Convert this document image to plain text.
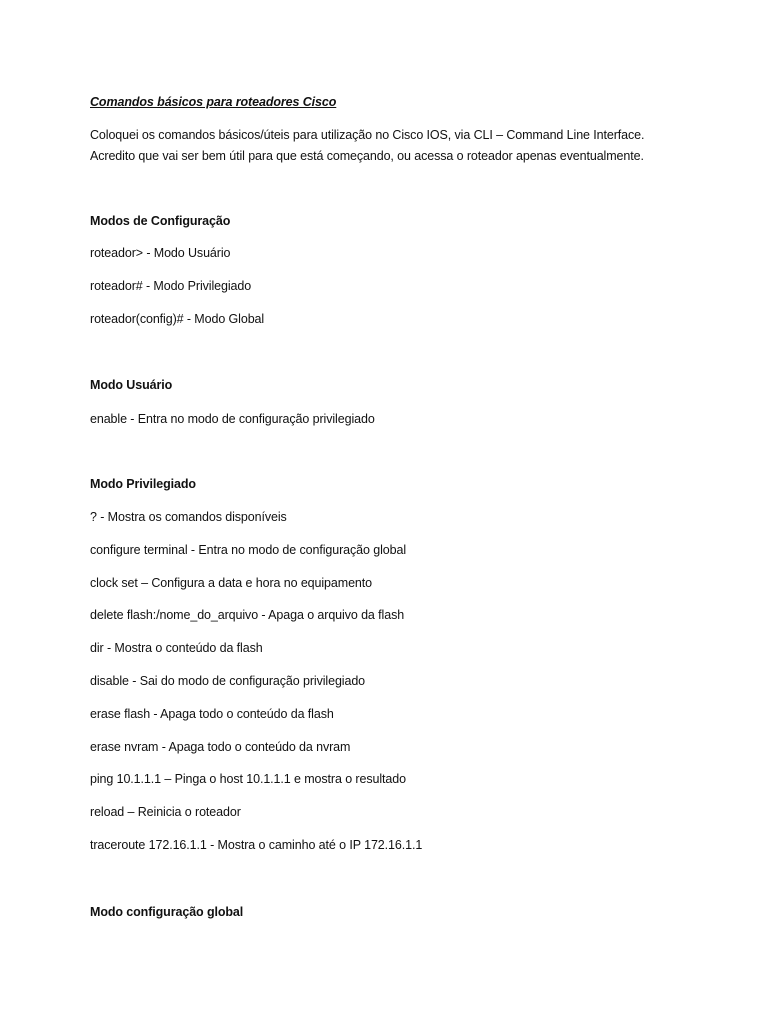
Comandos básicos para roteadores Cisco
Coloquei os comandos básicos/úteis para utilização no Cisco IOS, via CLI – Command Line Interface.
Acredito que vai ser bem útil para que está começando, ou acessa o roteador apenas eventualmente.
Modos de Configuração
roteador> - Modo Usuário
roteador# - Modo Privilegiado
roteador(config)# - Modo Global
Modo Usuário
enable - Entra no modo de configuração privilegiado
Modo Privilegiado
? - Mostra os comandos disponíveis
configure terminal - Entra no modo de configuração global
clock set – Configura a data e hora no equipamento
delete flash:/nome_do_arquivo - Apaga o arquivo da flash
dir - Mostra o conteúdo da flash
disable - Sai do modo de configuração privilegiado
erase flash - Apaga todo o conteúdo da flash
erase nvram - Apaga todo o conteúdo da nvram
ping 10.1.1.1 – Pinga o host 10.1.1.1 e mostra o resultado
reload – Reinicia o roteador
traceroute 172.16.1.1 - Mostra o caminho até o IP 172.16.1.1
Modo configuração global
